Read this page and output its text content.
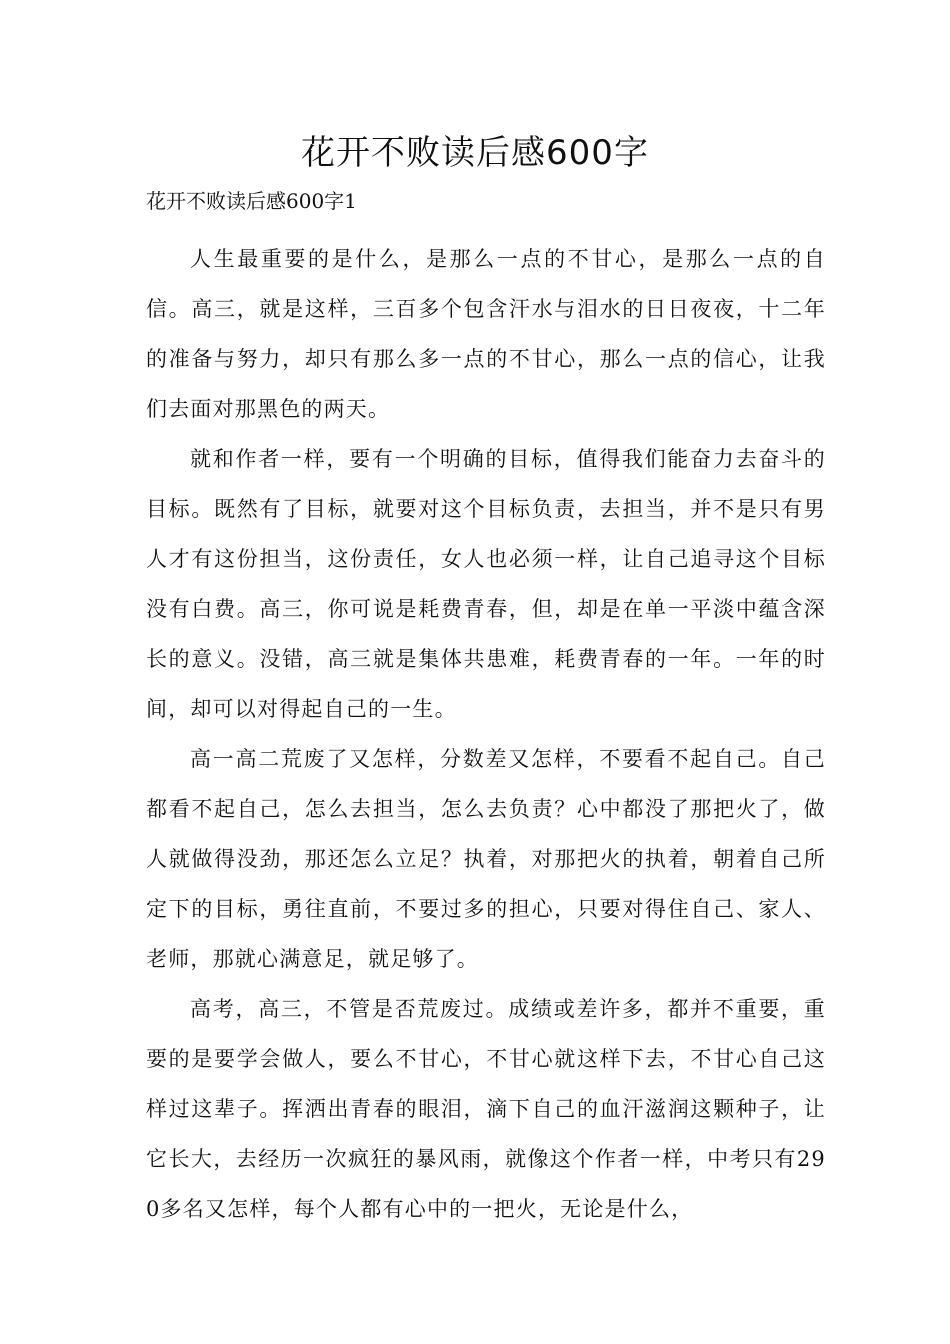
花开不败读后感600字

花开不败读后感600字1

人生最重要的是什么，是那么一点的不甘心，是那么一点的自信。高三，就是这样，三百多个包含汗水与泪水的日日夜夜，十二年的准备与努力，却只有那么多一点的不甘心，那么一点的信心，让我们去面对那黑色的两天。

就和作者一样，要有一个明确的目标，值得我们能奋力去奋斗的目标。既然有了目标，就要对这个目标负责，去担当，并不是只有男人才有这份担当，这份责任，女人也必须一样，让自己追寻这个目标没有白费。高三，你可说是耗费青春，但，却是在单一平淡中蕴含深长的意义。没错，高三就是集体共患难，耗费青春的一年。一年的时间，却可以对得起自己的一生。

高一高二荒废了又怎样，分数差又怎样，不要看不起自己。自己都看不起自己，怎么去担当，怎么去负责？心中都没了那把火了，做人就做得没劲，那还怎么立足？执着，对那把火的执着，朝着自己所定下的目标，勇往直前，不要过多的担心，只要对得住自己、家人、老师，那就心满意足，就足够了。

高考，高三，不管是否荒废过。成绩或差许多，都并不重要，重要的是要学会做人，要么不甘心，不甘心就这样下去，不甘心自己这样过这辈子。挥洒出青春的眼泪，滴下自己的血汗滋润这颗种子，让它长大，去经历一次疯狂的暴风雨，就像这个作者一样，中考只有290多名又怎样，每个人都有心中的一把火，无论是什么，
